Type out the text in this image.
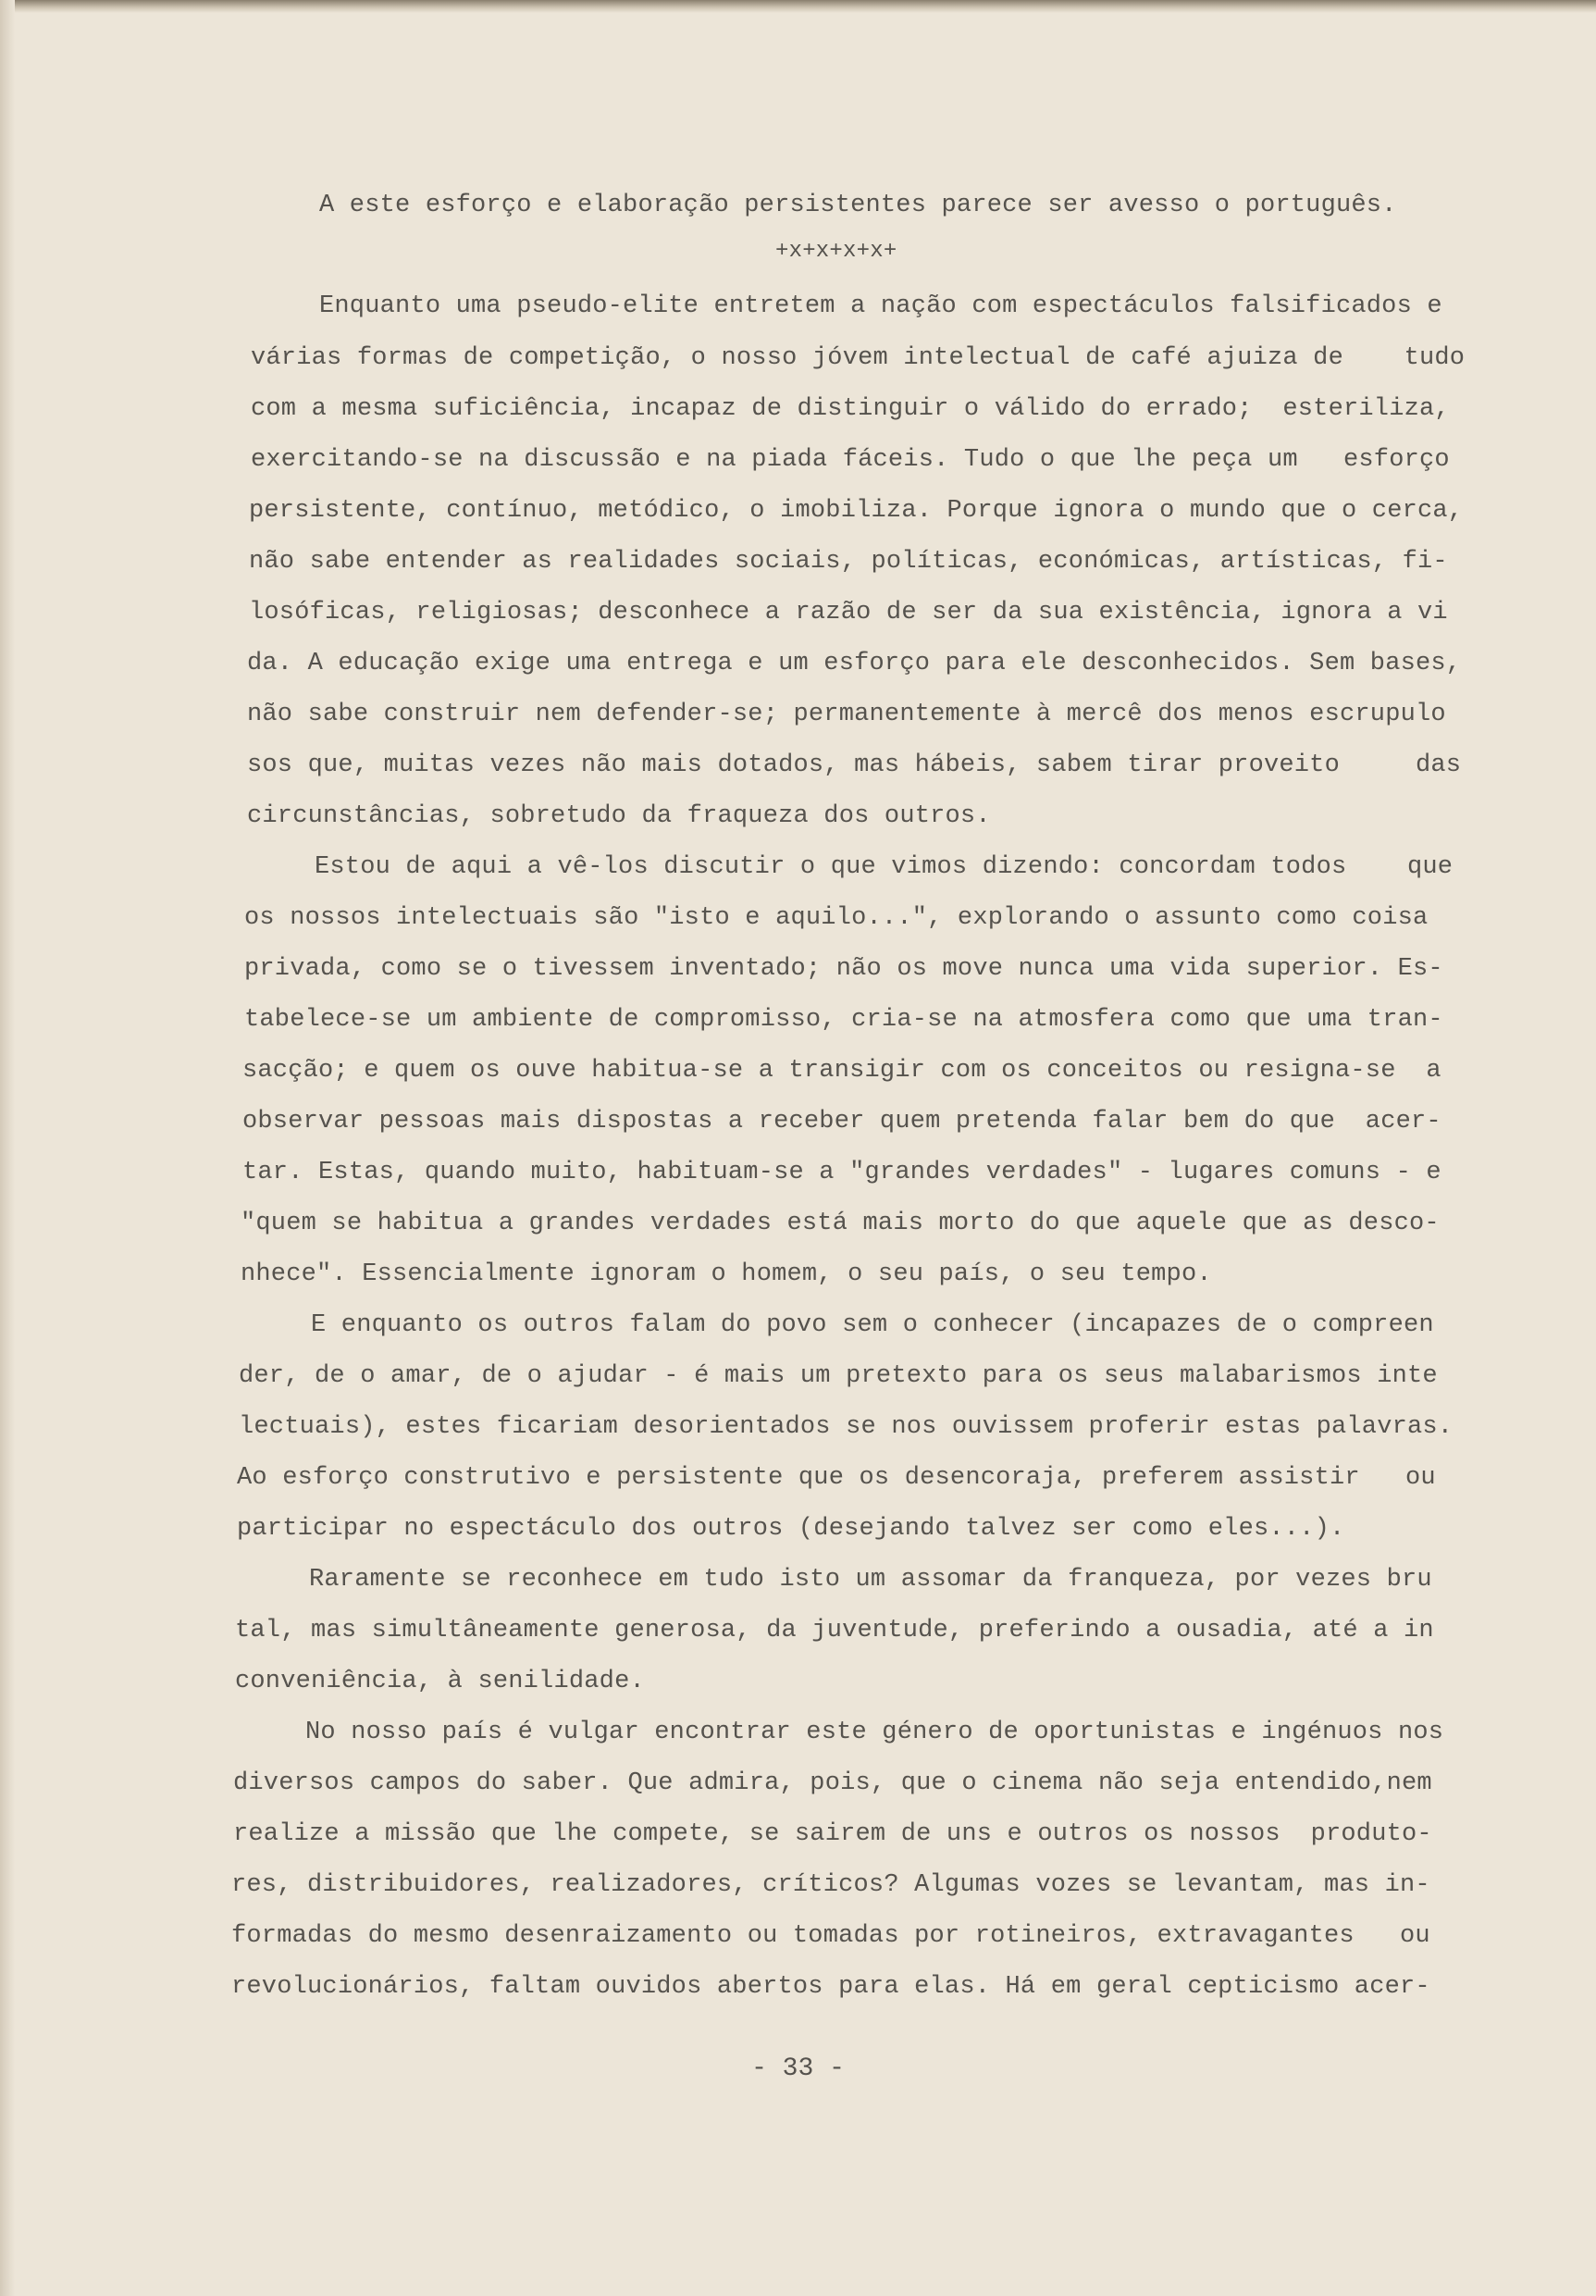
A este esforço e elaboração persistentes parece ser avesso o português.

+x+x+x+x+

Enquanto uma pseudo-elite entretem a nação com espectáculos falsificados e

várias formas de competição, o nosso jóvem intelectual de café ajuiza de    tudo

com a mesma suficiência, incapaz de distinguir o válido do errado;  esteriliza,

exercitando-se na discussão e na piada fáceis. Tudo o que lhe peça um   esforço

persistente, contínuo, metódico, o imobiliza. Porque ignora o mundo que o cerca,

não sabe entender as realidades sociais, políticas, económicas, artísticas, fi-

losóficas, religiosas; desconhece a razão de ser da sua existência, ignora a vi

da. A educação exige uma entrega e um esforço para ele desconhecidos. Sem bases,

não sabe construir nem defender-se; permanentemente à mercê dos menos escrupulo

sos que, muitas vezes não mais dotados, mas hábeis, sabem tirar proveito     das

circunstâncias, sobretudo da fraqueza dos outros.

Estou de aqui a vê-los discutir o que vimos dizendo: concordam todos    que

os nossos intelectuais são "isto e aquilo...", explorando o assunto como coisa

privada, como se o tivessem inventado; não os move nunca uma vida superior. Es-

tabelece-se um ambiente de compromisso, cria-se na atmosfera como que uma tran-

sacção; e quem os ouve habitua-se a transigir com os conceitos ou resigna-se  a

observar pessoas mais dispostas a receber quem pretenda falar bem do que  acer-

tar. Estas, quando muito, habituam-se a "grandes verdades" - lugares comuns - e

"quem se habitua a grandes verdades está mais morto do que aquele que as desco-

nhece". Essencialmente ignoram o homem, o seu país, o seu tempo.

E enquanto os outros falam do povo sem o conhecer (incapazes de o compreen

der, de o amar, de o ajudar - é mais um pretexto para os seus malabarismos inte

lectuais), estes ficariam desorientados se nos ouvissem proferir estas palavras.

Ao esforço construtivo e persistente que os desencoraja, preferem assistir   ou

participar no espectáculo dos outros (desejando talvez ser como eles...).

Raramente se reconhece em tudo isto um assomar da franqueza, por vezes bru

tal, mas simultâneamente generosa, da juventude, preferindo a ousadia, até a in

conveniência, à senilidade.

No nosso país é vulgar encontrar este género de oportunistas e ingénuos nos

diversos campos do saber. Que admira, pois, que o cinema não seja entendido,nem

realize a missão que lhe compete, se sairem de uns e outros os nossos  produto-

res, distribuidores, realizadores, críticos? Algumas vozes se levantam, mas in-

formadas do mesmo desenraizamento ou tomadas por rotineiros, extravagantes   ou

revolucionários, faltam ouvidos abertos para elas. Há em geral cepticismo acer-

- 33 -
